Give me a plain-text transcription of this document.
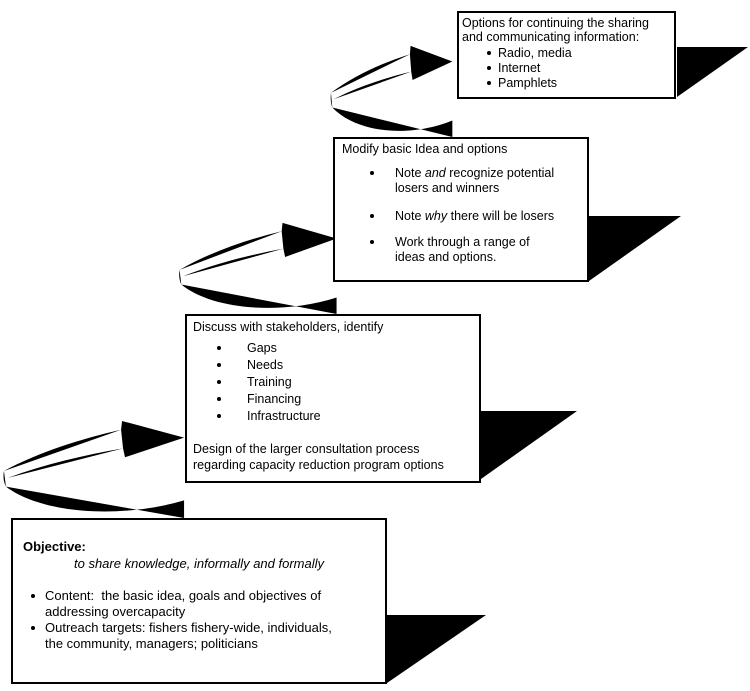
Options for continuing the sharing
and communicating information:
Radio, media
Internet
Pamphlets
Modify basic Idea and options
Note and recognize potential
losers and winners
Note why there will be losers
Work through a range of
ideas and options.
Discuss with stakeholders, identify
Gaps
Needs
Training
Financing
Infrastructure
Design of the larger consultation process
regarding capacity reduction program options
Objective:
to share knowledge, informally and formally
Content:  the basic idea, goals and objectives of
addressing overcapacity
Outreach targets: fishers fishery-wide, individuals,
the community, managers; politicians
